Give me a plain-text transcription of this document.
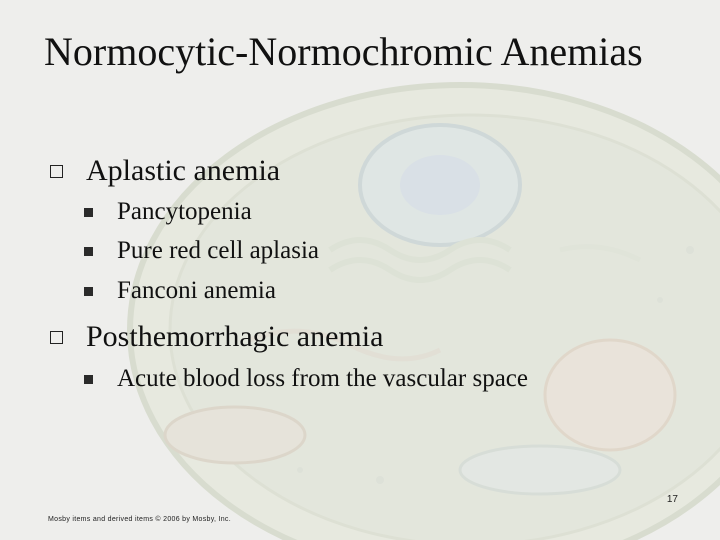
Normocytic-Normochromic Anemias
Aplastic anemia
Pancytopenia
Pure red cell aplasia
Fanconi anemia
Posthemorrhagic anemia
Acute blood loss from the vascular space
17
Mosby items and derived items © 2006 by Mosby, Inc.
